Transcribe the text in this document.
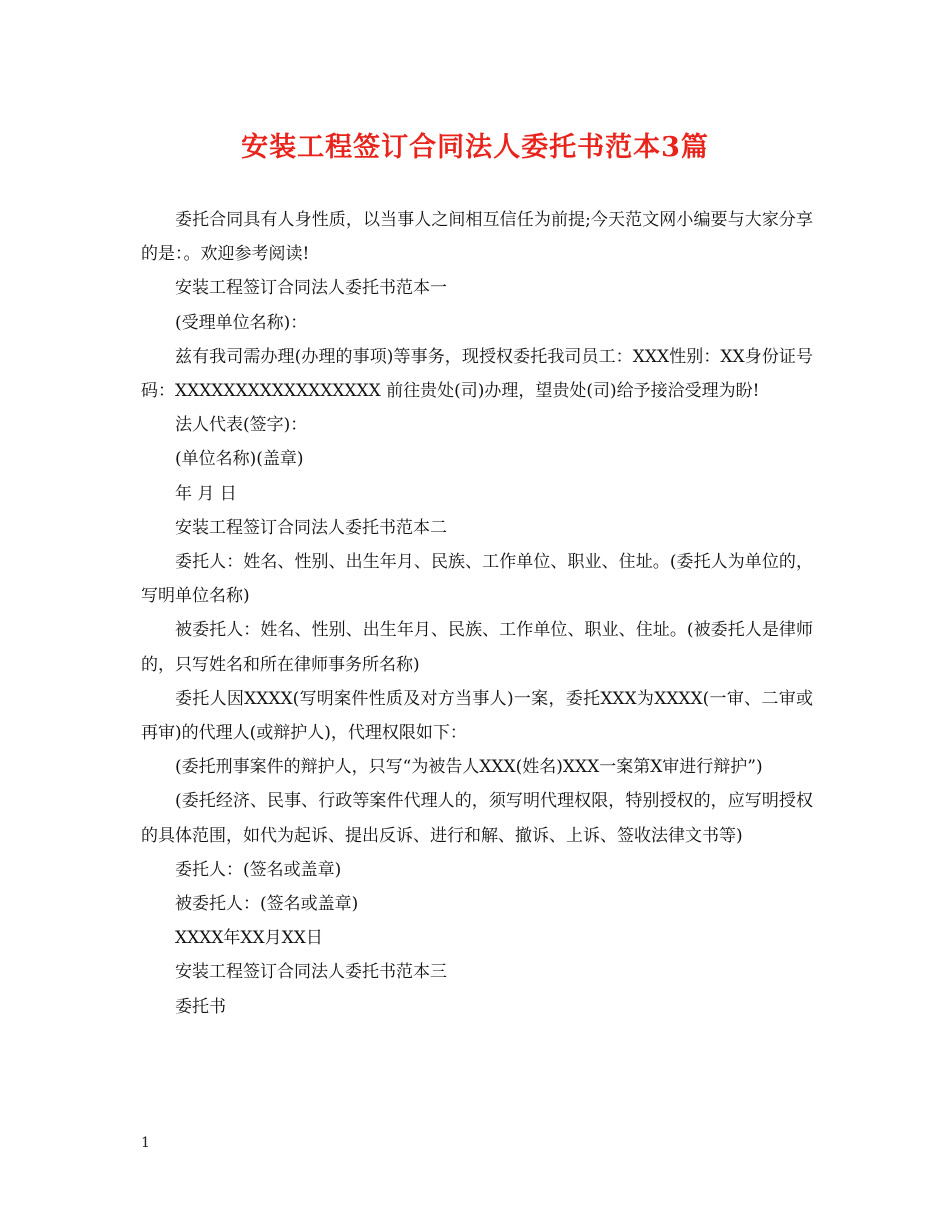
安装工程签订合同法人委托书范本3篇

委托合同具有人身性质，以当事人之间相互信任为前提;今天范文网小编要与大家分享的是：。欢迎参考阅读!

安装工程签订合同法人委托书范本一

(受理单位名称)：

兹有我司需办理(办理的事项)等事务，现授权委托我司员工：XXX性别：XX身份证号码：XXXXXXXXXXXXXXXXX 前往贵处(司)办理，望贵处(司)给予接洽受理为盼!

法人代表(签字)：

(单位名称)(盖章)

年 月 日

安装工程签订合同法人委托书范本二

委托人：姓名、性别、出生年月、民族、工作单位、职业、住址。(委托人为单位的，写明单位名称)

被委托人：姓名、性别、出生年月、民族、工作单位、职业、住址。(被委托人是律师的，只写姓名和所在律师事务所名称)

委托人因XXXX(写明案件性质及对方当事人)一案，委托XXX为XXXX(一审、二审或再审)的代理人(或辩护人)，代理权限如下：

(委托刑事案件的辩护人，只写“为被告人XXX(姓名)XXX一案第X审进行辩护”)

(委托经济、民事、行政等案件代理人的，须写明代理权限，特别授权的，应写明授权的具体范围，如代为起诉、提出反诉、进行和解、撤诉、上诉、签收法律文书等)

委托人：(签名或盖章)

被委托人：(签名或盖章)

XXXX年XX月XX日

安装工程签订合同法人委托书范本三

委托书

1
